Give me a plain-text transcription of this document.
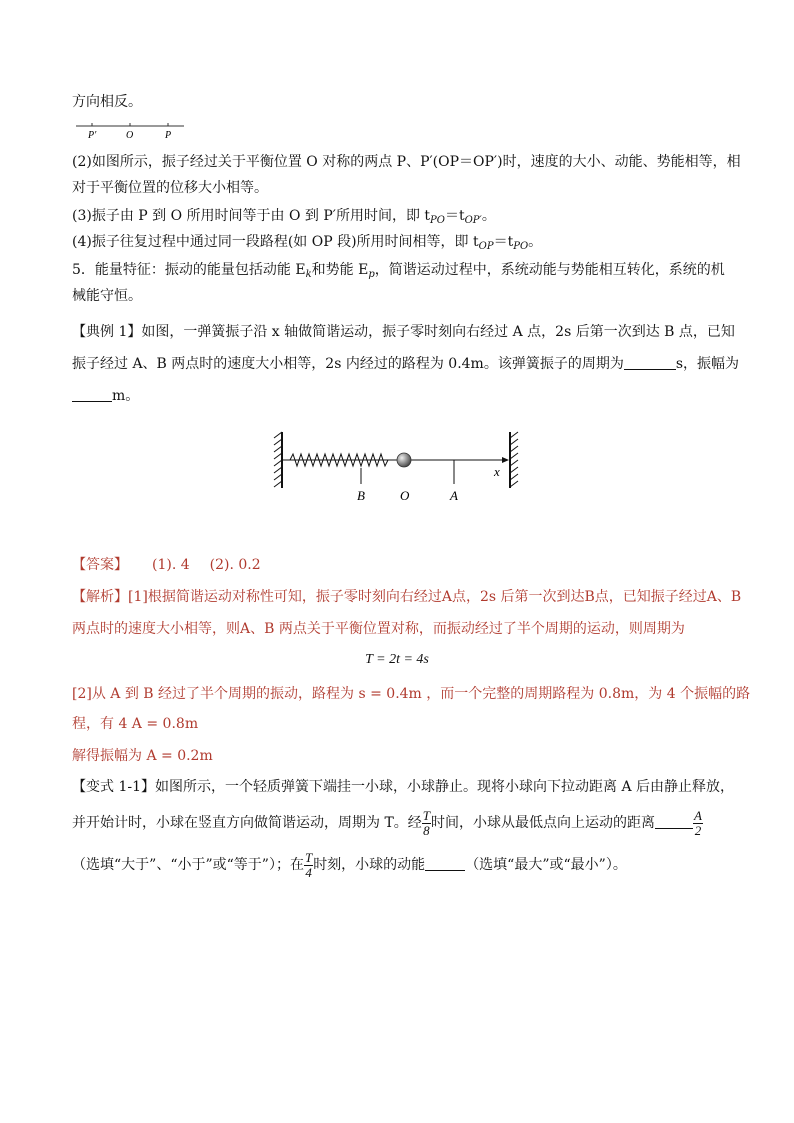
方向相反。
P′	O	P
(2)如图所示，振子经过关于平衡位置 O 对称的两点 P、P′(OP＝OP′)时，速度的大小、动能、势能相等，相
对于平衡位置的位移大小相等。
(3)振子由 P 到 O 所用时间等于由 O 到 P′所用时间，即 $t_{PO}=t_{OP'}$。
(4)振子往复过程中通过同一段路程(如 OP 段)所用时间相等，即 $t_{OP}=t_{PO}$。
5．能量特征：振动的能量包括动能 $E_k$和势能 $E_p$，简谐运动过程中，系统动能与势能相互转化，系统的机
械能守恒。
【典例 1】如图，一弹簧振子沿 x 轴做简谐运动，振子零时刻向右经过 A 点，2s 后第一次到达 B 点，已知
振子经过 A、B 两点时的速度大小相等，2s 内经过的路程为 0.4m。该弹簧振子的周期为	s，振幅为
m。
B	O	A
x
【答案】 (1). 4 (2). 0.2
【解析】[1]根据简谐运动对称性可知，振子零时刻向右经过A点，2s 后第一次到达B点，已知振子经过A、B
两点时的速度大小相等，则A、B 两点关于平衡位置对称，而振动经过了半个周期的运动，则周期为
T = 2t = 4s
[2]从 A 到 B 经过了半个周期的振动，路程为 s = 0.4m ，而一个完整的周期路程为 0.8m，为 4 个振幅的路
程，有 4 A = 0.8m
解得振幅为 A = 0.2m
【变式 1-1】如图所示，一个轻质弹簧下端挂一小球，小球静止。现将小球向下拉动距离 A 后由静止释放，
并开始计时，小球在竖直方向做简谐运动，周期为 T。经 $\frac{T}{8}$ 时间，小球从最低点向上运动的距离	$\frac{A}{2}$
（选填“大于”、“小于”或“等于”）；在 $\frac{T}{4}$ 时刻，小球的动能	（选填“最大”或“最小”）。
